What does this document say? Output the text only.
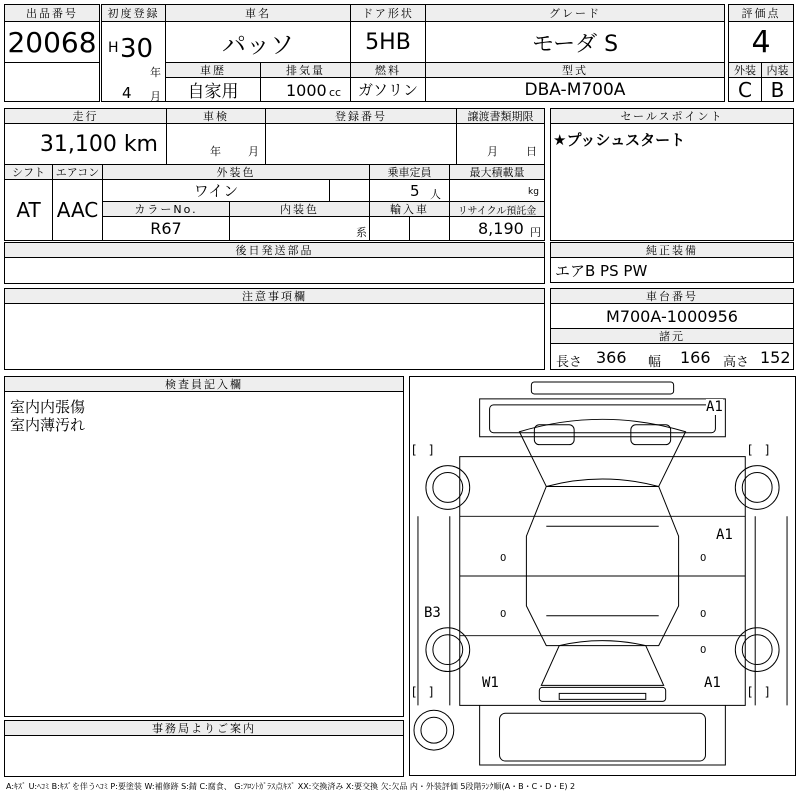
出品番号
20068
初度登録
H 30
年
4 月
車名
パッソ
ドア形状
5HB
グレード
モーダ S
評価点
4
車歴
自家用
排気量
1000 cc
燃料
ガソリン
型式
DBA-M700A
外装 内装
C B
走行
31,100 km
車検
年 月
登録番号	譲渡書類期限
月	日
シフト
AT
エアコン
AAC
外装色
ワイン
乗車定員
5 人
最大積載量
kg
カラーNo.
R67
内装色
系
輸入車	リサイクル預託金
8,190 円
後日発送部品
注意事項欄
セールスポイント
★プッシュスタート
純正装備
エアB PS PW
車台番号
M700A-1000956
諸元
長さ 366 幅 166 高さ 152
検査員記入欄
室内内張傷
室内薄汚れ
事務局よりご案内
A1
A1
B3
W1	A1
0
0
0
0
0
[　]	[　]
[　]	[　]
A:ｷｽﾞ U:ﾍｺﾐ B:ｷｽﾞを伴うﾍｺﾐ P:要塗装 W:補修跡 S:錆 C:腐食、 G:ﾌﾛﾝﾄｶﾞﾗｽ点ｷｽﾞ XX:交換済み X:要交換 欠:欠品 内・外装評価 5段階ﾗﾝｸ順(A・B・C・D・E) 2
